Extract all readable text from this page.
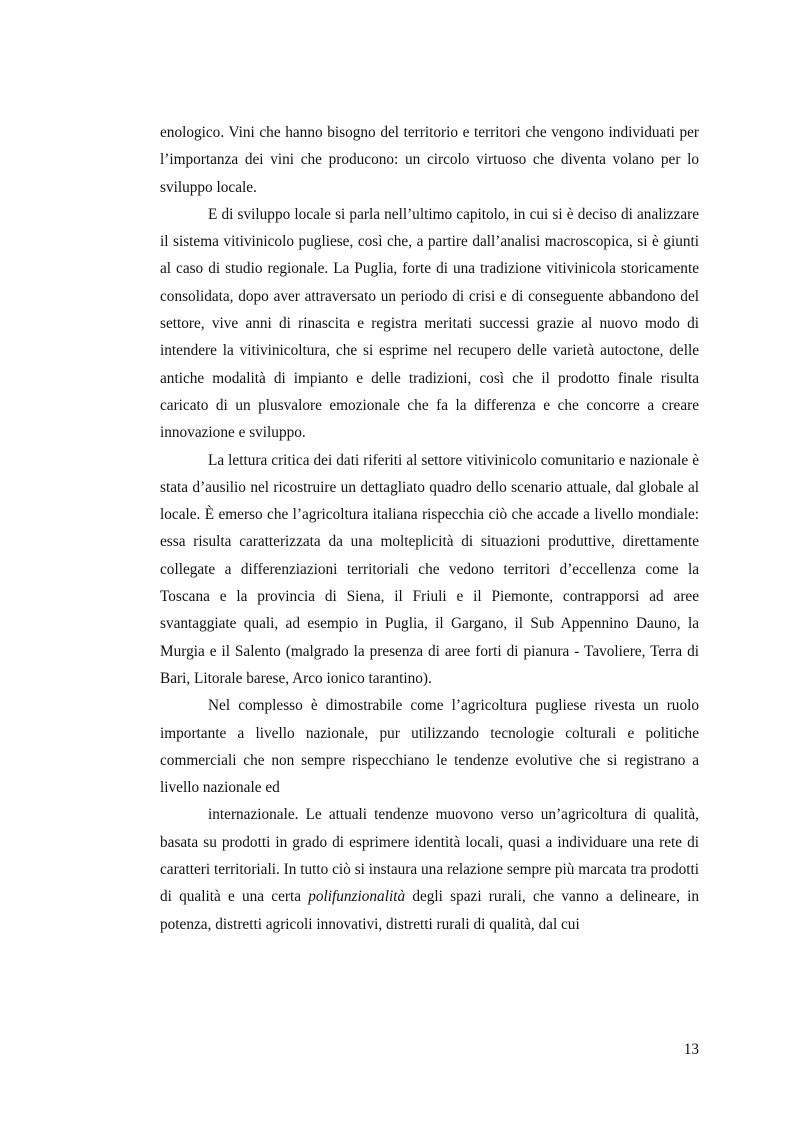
enologico. Vini che hanno bisogno del territorio e territori che vengono individuati per l’importanza dei vini che producono: un circolo virtuoso che diventa volano per lo sviluppo locale.

E di sviluppo locale si parla nell’ultimo capitolo, in cui si è deciso di analizzare il sistema vitivinicolo pugliese, così che, a partire dall’analisi macroscopica, si è giunti al caso di studio regionale. La Puglia, forte di una tradizione vitivinicola storicamente consolidata, dopo aver attraversato un periodo di crisi e di conseguente abbandono del settore, vive anni di rinascita e registra meritati successi grazie al nuovo modo di intendere la vitivinicoltura, che si esprime nel recupero delle varietà autoctone, delle antiche modalità di impianto e delle tradizioni, così che il prodotto finale risulta caricato di un plusvalore emozionale che fa la differenza e che concorre a creare innovazione e sviluppo.

La lettura critica dei dati riferiti al settore vitivinicolo comunitario e nazionale è stata d’ausilio nel ricostruire un dettagliato quadro dello scenario attuale, dal globale al locale. È emerso che l’agricoltura italiana rispecchia ciò che accade a livello mondiale: essa risulta caratterizzata da una molteplicità di situazioni produttive, direttamente collegate a differenziazioni territoriali che vedono territori d’eccellenza come la Toscana e la provincia di Siena, il Friuli e il Piemonte, contrapporsi ad aree svantaggiate quali, ad esempio in Puglia, il Gargano, il Sub Appennino Dauno, la Murgia e il Salento (malgrado la presenza di aree forti di pianura - Tavoliere, Terra di Bari, Litorale barese, Arco ionico tarantino).

Nel complesso è dimostrabile come l’agricoltura pugliese rivesta un ruolo importante a livello nazionale, pur utilizzando tecnologie colturali e politiche commerciali che non sempre rispecchiano le tendenze evolutive che si registrano a livello nazionale ed

internazionale. Le attuali tendenze muovono verso un’agricoltura di qualità, basata su prodotti in grado di esprimere identità locali, quasi a individuare una rete di caratteri territoriali. In tutto ciò si instaura una relazione sempre più marcata tra prodotti di qualità e una certa polifunzionalità degli spazi rurali, che vanno a delineare, in potenza, distretti agricoli innovativi, distretti rurali di qualità, dal cui

13
